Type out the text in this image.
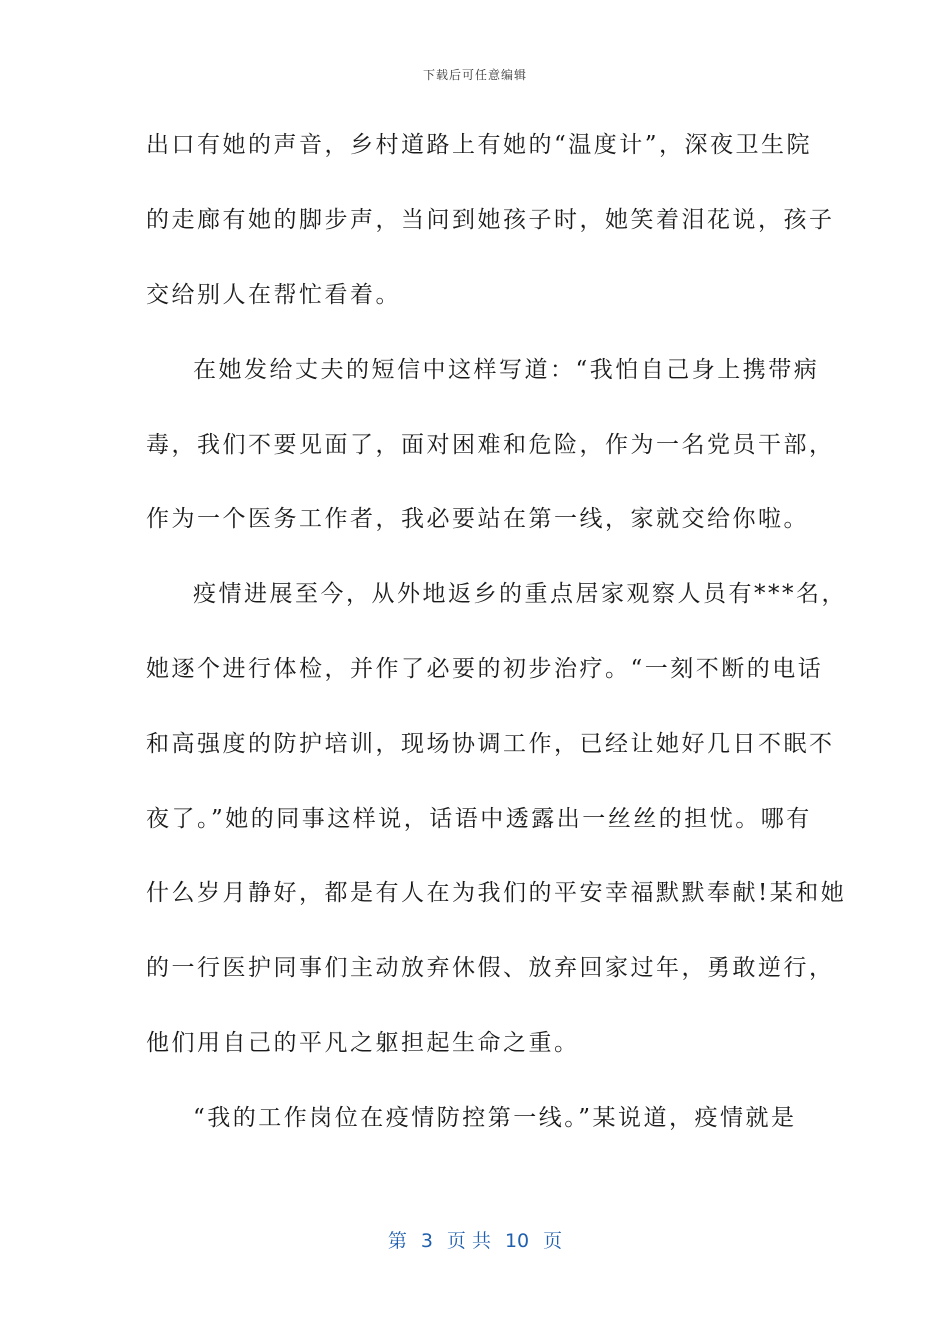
下载后可任意编辑
出口有她的声音，乡村道路上有她的“温度计”，深夜卫生院
的走廊有她的脚步声，当问到她孩子时，她笑着泪花说，孩子
交给别人在帮忙看着。
在她发给丈夫的短信中这样写道：“我怕自己身上携带病
毒，我们不要见面了，面对困难和危险，作为一名党员干部，
作为一个医务工作者，我必要站在第一线，家就交给你啦。
疫情进展至今，从外地返乡的重点居家观察人员有***名，
她逐个进行体检，并作了必要的初步治疗。“一刻不断的电话
和高强度的防护培训，现场协调工作，已经让她好几日不眠不
夜了。”她的同事这样说，话语中透露出一丝丝的担忧。哪有
什么岁月静好，都是有人在为我们的平安幸福默默奉献!某和她
的一行医护同事们主动放弃休假、放弃回家过年，勇敢逆行，
他们用自己的平凡之躯担起生命之重。
“我的工作岗位在疫情防控第一线。”某说道，疫情就是
第 3 页 共 10 页
